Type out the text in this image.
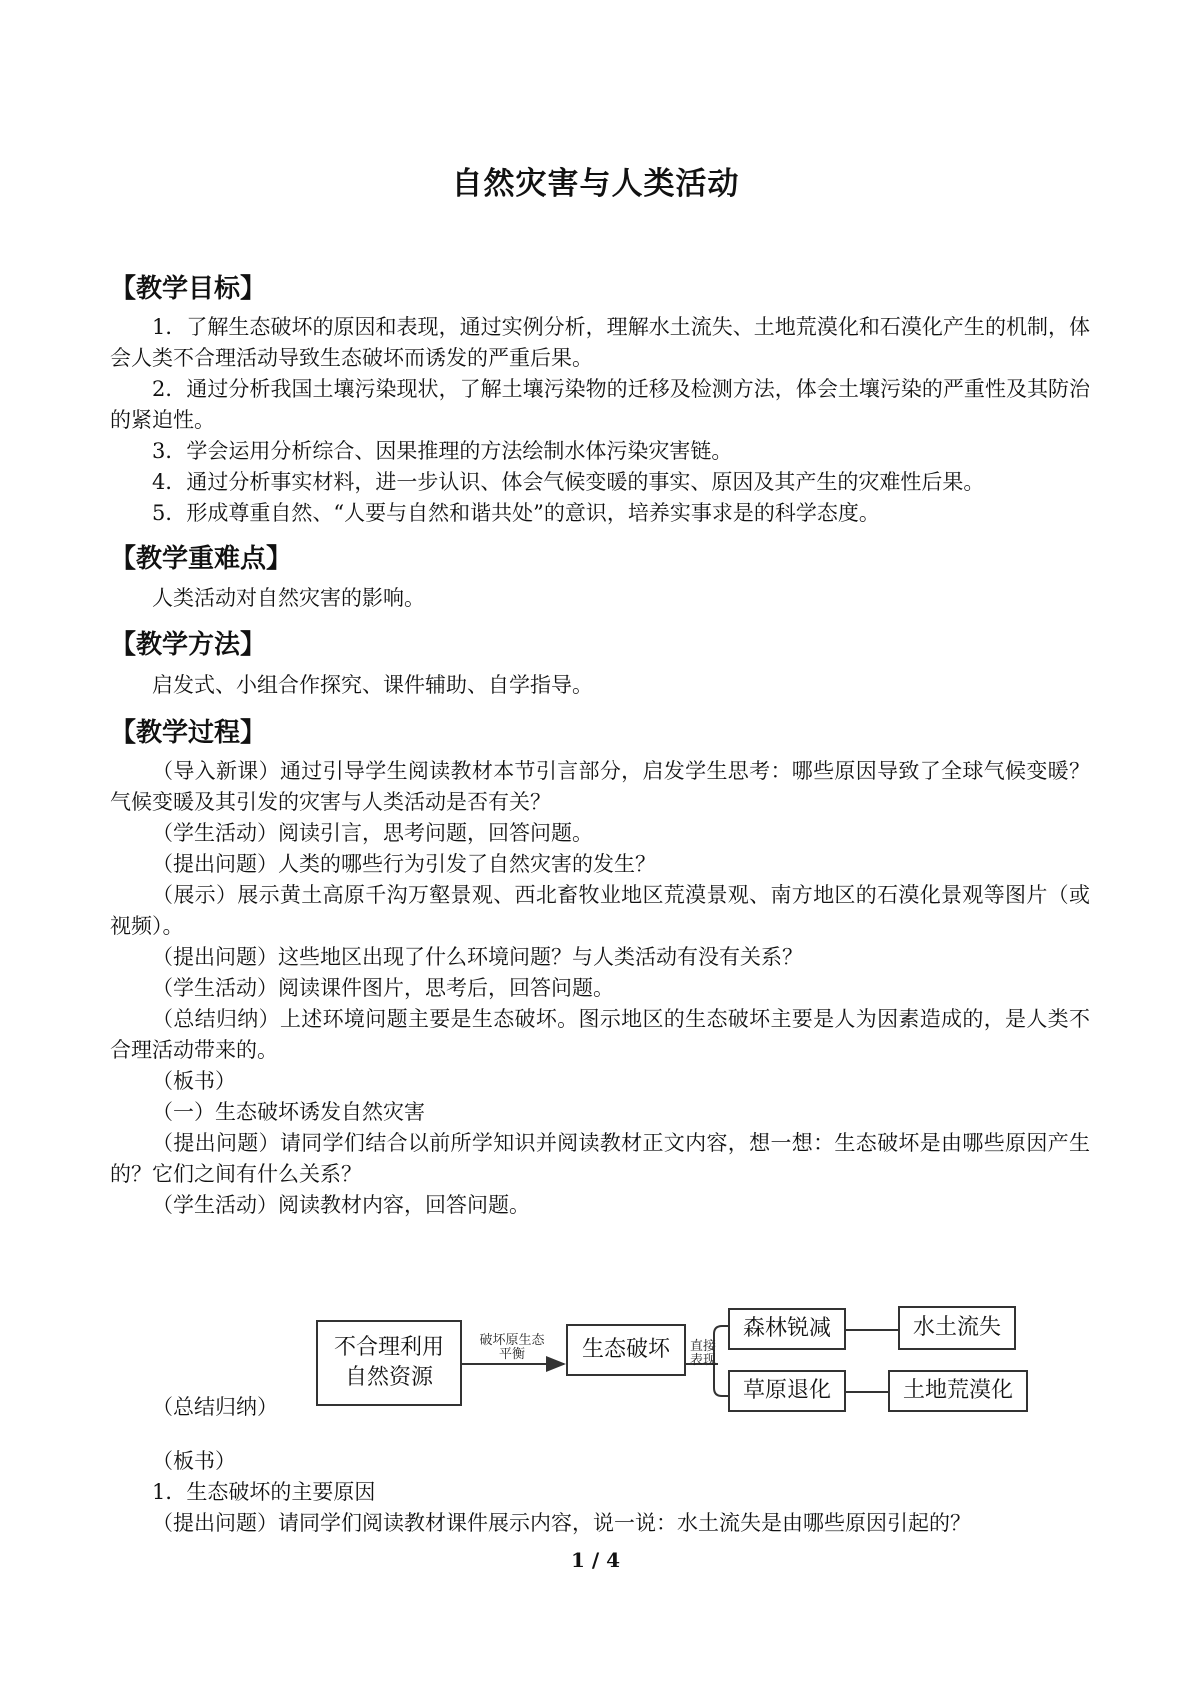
自然灾害与人类活动
【教学目标】
1．了解生态破坏的原因和表现，通过实例分析，理解水土流失、土地荒漠化和石漠化产生的机制，体会人类不合理活动导致生态破坏而诱发的严重后果。
2．通过分析我国土壤污染现状，了解土壤污染物的迁移及检测方法，体会土壤污染的严重性及其防治的紧迫性。
3．学会运用分析综合、因果推理的方法绘制水体污染灾害链。
4．通过分析事实材料，进一步认识、体会气候变暖的事实、原因及其产生的灾难性后果。
5．形成尊重自然、“人要与自然和谐共处”的意识，培养实事求是的科学态度。
【教学重难点】
人类活动对自然灾害的影响。
【教学方法】
启发式、小组合作探究、课件辅助、自学指导。
【教学过程】
（导入新课）通过引导学生阅读教材本节引言部分，启发学生思考：哪些原因导致了全球气候变暖？气候变暖及其引发的灾害与人类活动是否有关？
（学生活动）阅读引言，思考问题，回答问题。
（提出问题）人类的哪些行为引发了自然灾害的发生？
（展示）展示黄土高原千沟万壑景观、西北畜牧业地区荒漠景观、南方地区的石漠化景观等图片（或视频）。
（提出问题）这些地区出现了什么环境问题？与人类活动有没有关系？
（学生活动）阅读课件图片，思考后，回答问题。
（总结归纳）上述环境问题主要是生态破坏。图示地区的生态破坏主要是人为因素造成的，是人类不合理活动带来的。
（板书）
（一）生态破坏诱发自然灾害
（提出问题）请同学们结合以前所学知识并阅读教材正文内容，想一想：生态破坏是由哪些原因产生的？它们之间有什么关系？
（学生活动）阅读教材内容，回答问题。
不合理利用自然资源
破坏原生态平衡	生态破坏	直接表现
森林锐减
草原退化
水土流失
土地荒漠化
（总结归纳）
（板书）
1．生态破坏的主要原因
（提出问题）请同学们阅读教材课件展示内容，说一说：水土流失是由哪些原因引起的？
1 / 4
